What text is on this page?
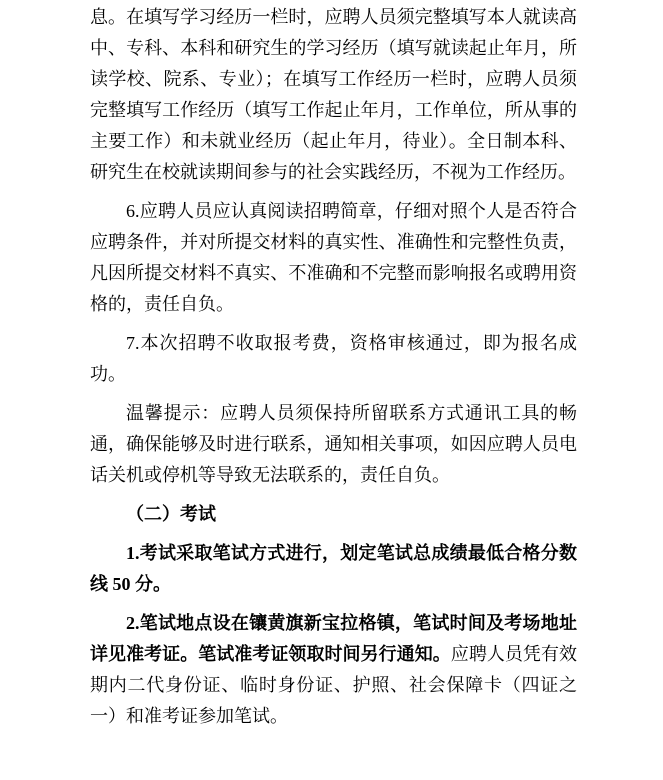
息。在填写学习经历一栏时，应聘人员须完整填写本人就读高中、专科、本科和研究生的学习经历（填写就读起止年月，所读学校、院系、专业）；在填写工作经历一栏时，应聘人员须完整填写工作经历（填写工作起止年月，工作单位，所从事的主要工作）和未就业经历（起止年月，待业）。全日制本科、研究生在校就读期间参与的社会实践经历，不视为工作经历。

6.应聘人员应认真阅读招聘简章，仔细对照个人是否符合应聘条件，并对所提交材料的真实性、准确性和完整性负责，凡因所提交材料不真实、不准确和不完整而影响报名或聘用资格的，责任自负。

7.本次招聘不收取报考费，资格审核通过，即为报名成功。

温馨提示：应聘人员须保持所留联系方式通讯工具的畅通，确保能够及时进行联系，通知相关事项，如因应聘人员电话关机或停机等导致无法联系的，责任自负。

（二）考试

1.考试采取笔试方式进行，划定笔试总成绩最低合格分数线 50 分。

2.笔试地点设在镶黄旗新宝拉格镇，笔试时间及考场地址详见准考证。笔试准考证领取时间另行通知。应聘人员凭有效期内二代身份证、临时身份证、护照、社会保障卡（四证之一）和准考证参加笔试。
